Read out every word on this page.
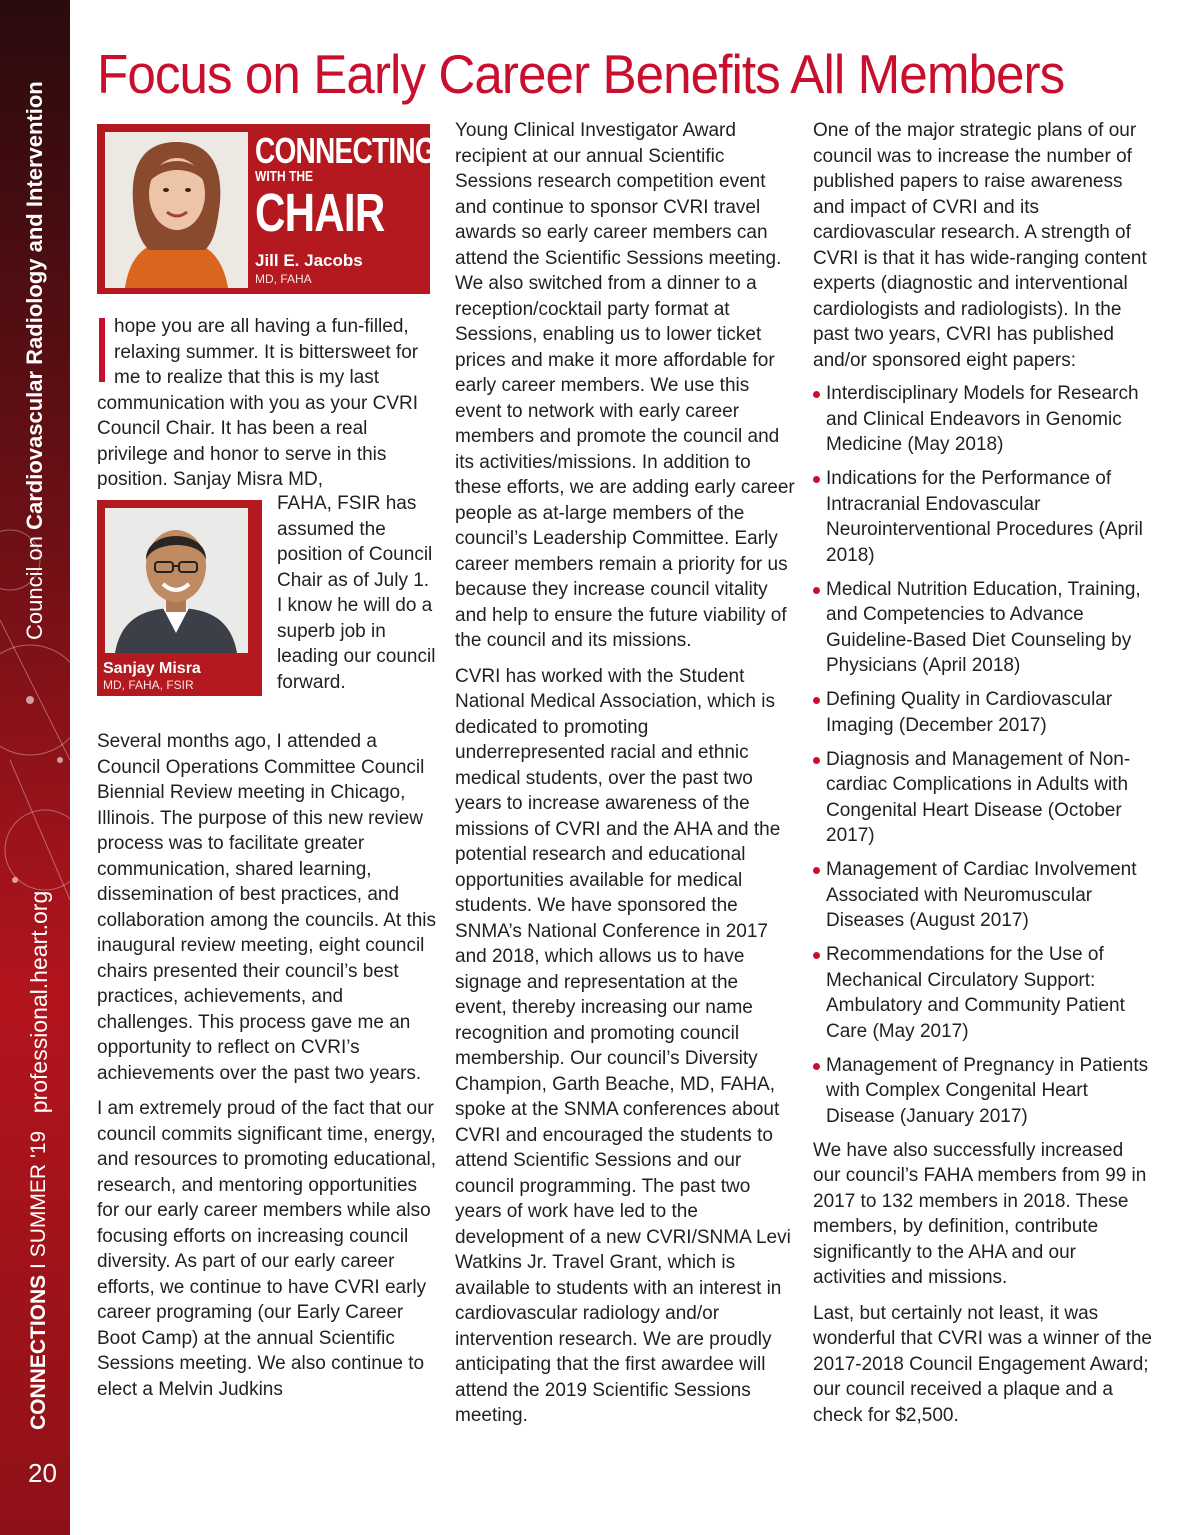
Council on Cardiovascular Radiology and Intervention
CONNECTIONS I SUMMER '19   professional.heart.org
20
Focus on Early Career Benefits All Members
CONNECTING
WITH THE
CHAIR
Jill E. Jacobs
MD, FAHA

hope you are all having a fun-filled, relaxing summer. It is bittersweet for me to realize that this is my last communication with you as your CVRI Council Chair. It has been a real privilege and honor to serve in this position. Sanjay Misra MD,

Sanjay Misra
MD, FAHA, FSIR

FAHA, FSIR has assumed the position of Council Chair as of July 1. I know he will do a superb job in leading our council forward.

Several months ago, I attended a Council Operations Committee Council Biennial Review meeting in Chicago, Illinois. The purpose of this new review process was to facilitate greater communication, shared learning, dissemination of best practices, and collaboration among the councils. At this inaugural review meeting, eight council chairs presented their council’s best practices, achievements, and challenges. This process gave me an opportunity to reflect on CVRI’s achievements over the past two years.

I am extremely proud of the fact that our council commits significant time, energy, and resources to promoting educational, research, and mentoring opportunities for our early career members while also focusing efforts on increasing council diversity. As part of our early career efforts, we continue to have CVRI early career programing (our Early Career Boot Camp) at the annual Scientific Sessions meeting. We also continue to elect a Melvin Judkins

Young Clinical Investigator Award recipient at our annual Scientific Sessions research competition event and continue to sponsor CVRI travel awards so early career members can attend the Scientific Sessions meeting. We also switched from a dinner to a reception/cocktail party format at Sessions, enabling us to lower ticket prices and make it more affordable for early career members. We use this event to network with early career members and promote the council and its activities/missions. In addition to these efforts, we are adding early career people as at-large members of the council’s Leadership Committee. Early career members remain a priority for us because they increase council vitality and help to ensure the future viability of the council and its missions.

CVRI has worked with the Student National Medical Association, which is dedicated to promoting underrepresented racial and ethnic medical students, over the past two years to increase awareness of the missions of CVRI and the AHA and the potential research and educational opportunities available for medical students. We have sponsored the SNMA’s National Conference in 2017 and 2018, which allows us to have signage and representation at the event, thereby increasing our name recognition and promoting council membership. Our council’s Diversity Champion, Garth Beache, MD, FAHA, spoke at the SNMA conferences about CVRI and encouraged the students to attend Scientific Sessions and our council programming. The past two years of work have led to the development of a new CVRI/SNMA Levi Watkins Jr. Travel Grant, which is available to students with an interest in cardiovascular radiology and/or intervention research. We are proudly anticipating that the first awardee will attend the 2019 Scientific Sessions meeting.

One of the major strategic plans of our council was to increase the number of published papers to raise awareness and impact of CVRI and its cardiovascular research. A strength of CVRI is that it has wide-ranging content experts (diagnostic and interventional cardiologists and radiologists). In the past two years, CVRI has published and/or sponsored eight papers:

Interdisciplinary Models for Research and Clinical Endeavors in Genomic Medicine (May 2018)
Indications for the Performance of Intracranial Endovascular Neurointerventional Procedures (April 2018)
Medical Nutrition Education, Training, and Competencies to Advance Guideline-Based Diet Counseling by Physicians (April 2018)
Defining Quality in Cardiovascular Imaging (December 2017)
Diagnosis and Management of Non-cardiac Complications in Adults with Congenital Heart Disease (October 2017)
Management of Cardiac Involvement Associated with Neuromuscular Diseases (August 2017)
Recommendations for the Use of Mechanical Circulatory Support: Ambulatory and Community Patient Care (May 2017)
Management of Pregnancy in Patients with Complex Congenital Heart Disease (January 2017)

We have also successfully increased our council’s FAHA members from 99 in 2017 to 132 members in 2018. These members, by definition, contribute significantly to the AHA and our activities and missions.

Last, but certainly not least, it was wonderful that CVRI was a winner of the 2017-2018 Council Engagement Award; our council received a plaque and a check for $2,500.
